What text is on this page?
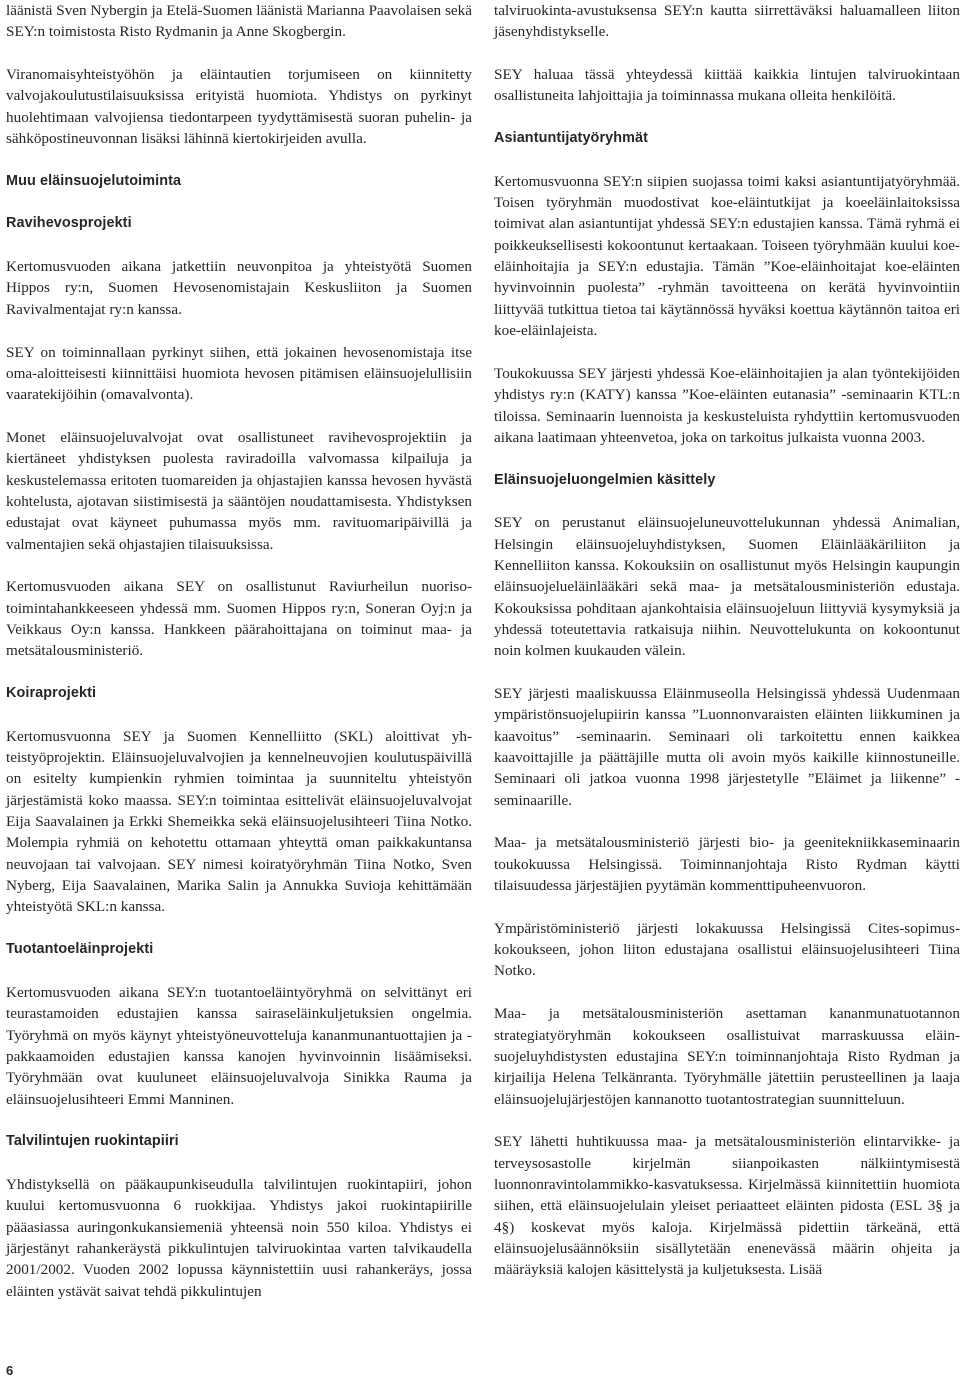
läänistä Sven Nybergin ja Etelä-Suomen läänistä Marianna Paavolaisen sekä SEY:n toimistosta Risto Rydmanin ja Anne Skogbergin.

Viranomaisyhteistyöhön ja eläintautien torjumiseen on kiinnitetty valvojakoulutustilaisuuksissa erityistä huomiota. Yhdistys on pyrkinyt huolehtimaan valvojiensa tiedontarpeen tyydyttämisestä suoran puhelin- ja sähköpostineuvonnan lisäksi lähinnä kiertokirjeiden avulla.

Muu eläinsuojelutoiminta
Ravihevosprojekti

Kertomusvuoden aikana jatkettiin neuvonpitoa ja yhteistyötä Suomen Hippos ry:n, Suomen Hevosenomistajain Keskusliiton ja Suomen Ravivalmentajat ry:n kanssa.

SEY on toiminnallaan pyrkinyt siihen, että jokainen hevosenomistaja itse oma-aloitteisesti kiinnittäisi huomiota hevosen pitämisen eläinsuojelullisiin vaaratekijöihin (omavalvonta).

Monet eläinsuojeluvalvojat ovat osallistuneet ravihevosprojektiin ja kiertäneet yhdistyksen puolesta raviradoilla valvomassa kilpailuja ja keskustelemassa eritoten tuomareiden ja ohjastajien kanssa hevosen hyvästä kohtelusta, ajotavan siistimisestä ja sääntöjen noudattamisesta. Yhdistyksen edustajat ovat käyneet puhumassa myös mm. ravituomaripäivillä ja valmentajien sekä ohjastajien tilaisuuksissa.

Kertomusvuoden aikana SEY on osallistunut Raviurheilun nuorisotoimintahankkeeseen yhdessä mm. Suomen Hippos ry:n, Soneran Oyj:n ja Veikkaus Oy:n kanssa. Hankkeen päärahoittajana on toiminut maa- ja metsätalousministeriö.

Koiraprojekti

Kertomusvuonna SEY ja Suomen Kennelliitto (SKL) aloittivat yhteistyöprojektin. Eläinsuojeluvalvojien ja kennelneuvojien koulutuspäivillä on esitelty kumpienkin ryhmien toimintaa ja suunniteltu yhteistyön järjestämistä koko maassa. SEY:n toimintaa esittelivät eläinsuojeluvalvojat Eija Saavalainen ja Erkki Shemeikka sekä eläinsuojelusihteeri Tiina Notko. Molempia ryhmiä on kehotettu ottamaan yhteyttä oman paikkakuntansa neuvojaan tai valvojaan. SEY nimesi koiratyöryhmän Tiina Notko, Sven Nyberg, Eija Saavalainen, Marika Salin ja Annukka Suvioja kehittämään yhteistyötä SKL:n kanssa.

Tuotantoeläinprojekti

Kertomusvuoden aikana SEY:n tuotantoeläintyöryhmä on selvittänyt eri teurastamoiden edustajien kanssa sairaseläinkuljetuksien ongelmia. Työryhmä on myös käynyt yhteistyöneuvotteluja kananmunantuottajien ja -pakkaamoiden edustajien kanssa kanojen hyvinvoinnin lisäämiseksi. Työryhmään ovat kuuluneet eläinsuojeluvalvoja Sinikka Rauma ja eläinsuojelusihteeri Emmi Manninen.

Talvilintujen ruokintapiiri

Yhdistyksellä on pääkaupunkiseudulla talvilintujen ruokintapiiri, johon kuului kertomusvuonna 6 ruokkijaa. Yhdistys jakoi ruokintapiirille pääasiassa auringonkukansiemeniä yhteensä noin 550 kiloa. Yhdistys ei järjestänyt rahankeräystä pikkulintujen talviruokintaa varten talvikaudella 2001/2002. Vuoden 2002 lopussa käynnistettiin uusi rahankeräys, jossa eläinten ystävät saivat tehdä pikkulintujen

talviruokinta-avustuksensa SEY:n kautta siirrettäväksi haluamalleen liiton jäsenyhdistykselle.

SEY haluaa tässä yhteydessä kiittää kaikkia lintujen talviruokintaan osallistuneita lahjoittajia ja toiminnassa mukana olleita henkilöitä.

Asiantuntijatyöryhmät

Kertomusvuonna SEY:n siipien suojassa toimi kaksi asiantuntijatyöryhmää. Toisen työryhmän muodostivat koe-eläintutkijat ja koeeläinlaitoksissa toimivat alan asiantuntijat yhdessä SEY:n edustajien kanssa. Tämä ryhmä ei poikkeuksellisesti kokoontunut kertaakaan. Toiseen työryhmään kuului koe-eläinhoitajia ja SEY:n edustajia. Tämän ”Koe-eläinhoitajat koe-eläinten hyvinvoinnin puolesta” -ryhmän tavoitteena on kerätä hyvinvointiin liittyvää tutkittua tietoa tai käytännössä hyväksi koettua käytännön taitoa eri koe-eläinlajeista.

Toukokuussa SEY järjesti yhdessä Koe-eläinhoitajien ja alan työntekijöiden yhdistys ry:n (KATY) kanssa ”Koe-eläinten eutanasia” -seminaarin KTL:n tiloissa. Seminaarin luennoista ja keskusteluista ryhdyttiin kertomusvuoden aikana laatimaan yhteenvetoa, joka on tarkoitus julkaista vuonna 2003.

Eläinsuojeluongelmien käsittely

SEY on perustanut eläinsuojeluneuvottelukunnan yhdessä Animalian, Helsingin eläinsuojeluyhdistyksen, Suomen Eläinlääkäriliiton ja Kennelliiton kanssa. Kokouksiin on osallistunut myös Helsingin kaupungin eläinsuojelueläinlääkäri sekä maa- ja metsätalousministeriön edustaja. Kokouksissa pohditaan ajankohtaisia eläinsuojeluun liittyviä kysymyksiä ja yhdessä toteutettavia ratkaisuja niihin. Neuvottelukunta on kokoontunut noin kolmen kuukauden välein.

SEY järjesti maaliskuussa Eläinmuseolla Helsingissä yhdessä Uudenmaan ympäristönsuojelupiirin kanssa ”Luonnonvaraisten eläinten liikkuminen ja kaavoitus” -seminaarin. Seminaari oli tarkoitettu ennen kaikkea kaavoittajille ja päättäjille mutta oli avoin myös kaikille kiinnostuneille. Seminaari oli jatkoa vuonna 1998 järjestetylle ”Eläimet ja liikenne” -seminaarille.

Maa- ja metsätalousministeriö järjesti bio- ja geenitekniikkaseminaarin toukokuussa Helsingissä. Toiminnanjohtaja Risto Rydman käytti tilaisuudessa järjestäjien pyytämän kommenttipuheenvuoron.

Ympäristöministeriö järjesti lokakuussa Helsingissä Cites-sopimuskokoukseen, johon liiton edustajana osallistui eläinsuojelusihteeri Tiina Notko.

Maa- ja metsätalousministeriön asettaman kananmunatuotannon strategiatyöryhmän kokoukseen osallistuivat marraskuussa eläinsuojeluyhdistysten edustajina SEY:n toiminnanjohtaja Risto Rydman ja kirjailija Helena Telkänranta. Työryhmälle jätettiin perusteellinen ja laaja eläinsuojelujärjestöjen kannanotto tuotantostrategian suunnitteluun.

SEY lähetti huhtikuussa maa- ja metsätalousministeriön elintarvikke- ja terveysosastolle kirjelmän siianpoikasten nälkiintymisestä luonnonravintolammikko-kasvatuksessa. Kirjelmässä kiinnitettiin huomiota siihen, että eläinsuojelulain yleiset periaatteet eläinten pidosta (ESL 3§ ja 4§) koskevat myös kaloja. Kirjelmässä pidettiin tärkeänä, että eläinsuojelusäännöksiin sisällytetään enenevässä määrin ohjeita ja määräyksiä kalojen käsittelystä ja kuljetuksesta. Lisää

6
